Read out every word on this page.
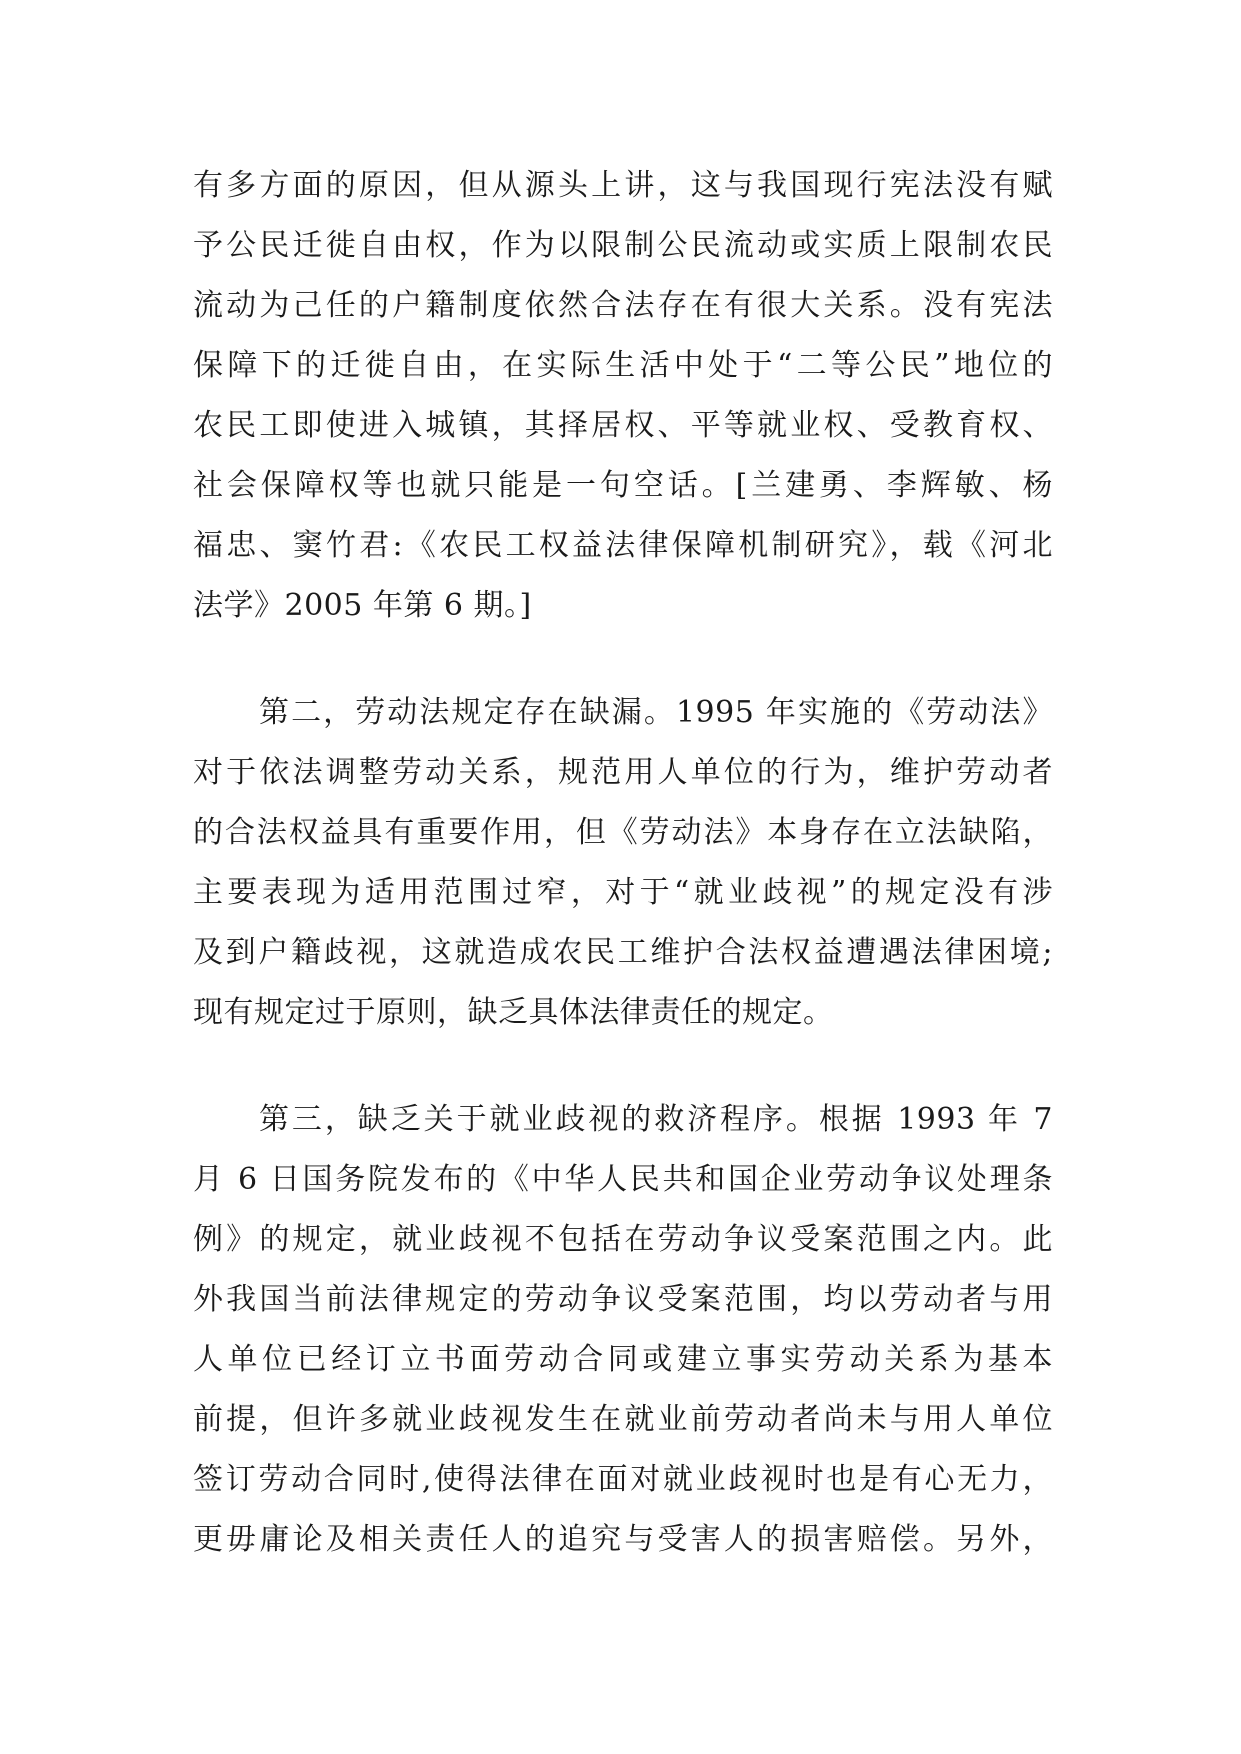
有多方面的原因，但从源头上讲，这与我国现行宪法没有赋
予公民迁徙自由权，作为以限制公民流动或实质上限制农民
流动为己任的户籍制度依然合法存在有很大关系。没有宪法
保障下的迁徙自由，在实际生活中处于“二等公民”地位的
农民工即使进入城镇，其择居权、平等就业权、受教育权、
社会保障权等也就只能是一句空话。[兰建勇、李辉敏、杨
福忠、窦竹君:《农民工权益法律保障机制研究》，载《河北
法学》2005 年第 6 期。]
第二，劳动法规定存在缺漏。1995 年实施的《劳动法》
对于依法调整劳动关系，规范用人单位的行为，维护劳动者
的合法权益具有重要作用，但《劳动法》本身存在立法缺陷，
主要表现为适用范围过窄，对于“就业歧视”的规定没有涉
及到户籍歧视，这就造成农民工维护合法权益遭遇法律困境;
现有规定过于原则，缺乏具体法律责任的规定。
第三，缺乏关于就业歧视的救济程序。根据 1993 年 7
月 6 日国务院发布的《中华人民共和国企业劳动争议处理条
例》的规定，就业歧视不包括在劳动争议受案范围之内。此
外我国当前法律规定的劳动争议受案范围，均以劳动者与用
人单位已经订立书面劳动合同或建立事实劳动关系为基本
前提，但许多就业歧视发生在就业前劳动者尚未与用人单位
签订劳动合同时,使得法律在面对就业歧视时也是有心无力，
更毋庸论及相关责任人的追究与受害人的损害赔偿。另外，
